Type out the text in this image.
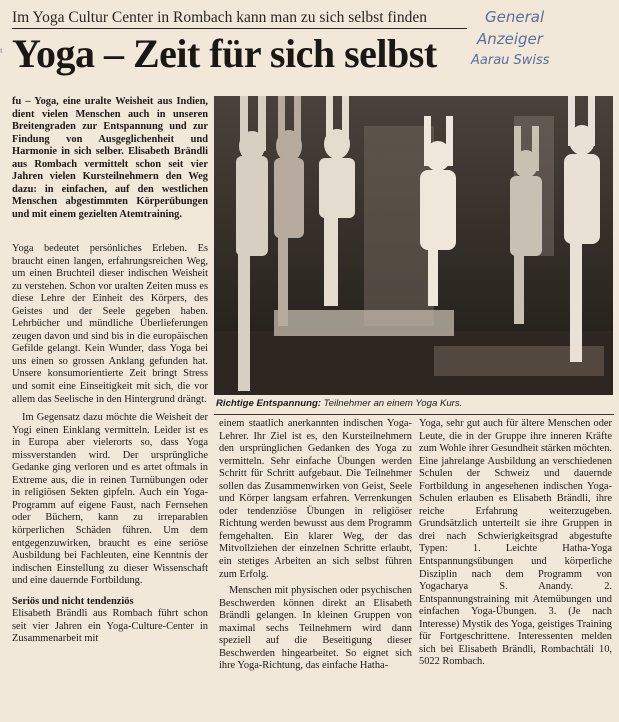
Im Yoga Cultur Center in Rombach kann man zu sich selbst finden
Yoga – Zeit für sich selbst
General
Anzeiger
Aarau Swiss
ᵗ
fu – Yoga, eine uralte Weisheit aus Indien, dient vielen Menschen auch in unseren Breitengraden zur Entspannung und zur Findung von Ausgeglichenheit und Harmonie in sich selber. Elisabeth Brändli aus Rombach vermittelt schon seit vier Jahren vielen Kursteilnehmern den Weg dazu: in einfachen, auf den westlichen Menschen abgestimmten Körperübungen und mit einem gezielten Atemtraining.

Yoga bedeutet persönliches Erleben. Es braucht einen langen, erfahrungsreichen Weg, um einen Bruchteil dieser indischen Weisheit zu verstehen. Schon vor uralten Zeiten muss es diese Lehre der Einheit des Körpers, des Geistes und der Seele gegeben haben. Lehrbücher und mündliche Überlieferungen zeugen davon und sind bis in die europäischen Gefilde gelangt. Kein Wunder, dass Yoga bei uns einen so grossen Anklang gefunden hat. Unsere konsumorientierte Zeit bringt Stress und somit eine Einseitigkeit mit sich, die vor allem das Seelische in den Hintergrund drängt.

Im Gegensatz dazu möchte die Weisheit der Yogi einen Einklang vermitteln. Leider ist es in Europa aber vielerorts so, dass Yoga missverstanden wird. Der ursprüngliche Gedanke ging verloren und es artet oftmals in Extreme aus, die in reinen Turnübungen oder in religiösen Sekten gipfeln. Auch ein Yoga-Programm auf eigene Faust, nach Fernsehen oder Büchern, kann zu irreparablen körperlichen Schäden führen. Um dem entgegenzuwirken, braucht es eine seriöse Ausbildung bei Fachleuten, eine Kenntnis der indischen Einstellung zu dieser Wissenschaft und eine dauernde Fortbildung.

Seriös und nicht tendenziös

Elisabeth Brändli aus Rombach führt schon seit vier Jahren ein Yoga-Culture-Center in Zusammenarbeit mit

Richtige Entspannung: Teilnehmer an einem Yoga Kurs.

einem staatlich anerkannten indischen Yoga-Lehrer. Ihr Ziel ist es, den Kursteilnehmern den ursprünglichen Gedanken des Yoga zu vermitteln. Sehr einfache Übungen werden Schritt für Schritt aufgebaut. Die Teilnehmer sollen das Zusammenwirken von Geist, Seele und Körper langsam erfahren. Verrenkungen oder tendenziöse Übungen in religiöser Richtung werden bewusst aus dem Programm ferngehalten. Ein klarer Weg, der das Mitvollziehen der einzelnen Schritte erlaubt, ein stetiges Arbeiten an sich selbst führen zum Erfolg.

Menschen mit physischen oder psychischen Beschwerden können direkt an Elisabeth Brändli gelangen. In kleinen Gruppen von maximal sechs Teilnehmern wird dann speziell auf die Beseitigung dieser Beschwerden hingearbeitet. So eignet sich ihre Yoga-Richtung, das einfache Hatha-

Yoga, sehr gut auch für ältere Menschen oder Leute, die in der Gruppe ihre inneren Kräfte zum Wohle ihrer Gesundheit stärken möchten. Eine jahrelange Ausbildung an verschiedenen Schulen der Schweiz und dauernde Fortbildung in angesehenen indischen Yoga-Schulen erlauben es Elisabeth Brändli, ihre reiche Erfahrung weiterzugeben. Grundsätzlich unterteilt sie ihre Gruppen in drei nach Schwierigkeitsgrad abgestufte Typen: 1. Leichte Hatha-Yoga Entspannungsübungen und körperliche Disziplin nach dem Programm von Yogacharya S. Anandy. 2. Entspannungstraining mit Atemübungen und einfachen Yoga-Übungen. 3. (Je nach Interesse) Mystik des Yoga, geistiges Training für Fortgeschrittene. Interessenten melden sich bei Elisabeth Brändli, Rombachtäli 10, 5022 Rombach.
